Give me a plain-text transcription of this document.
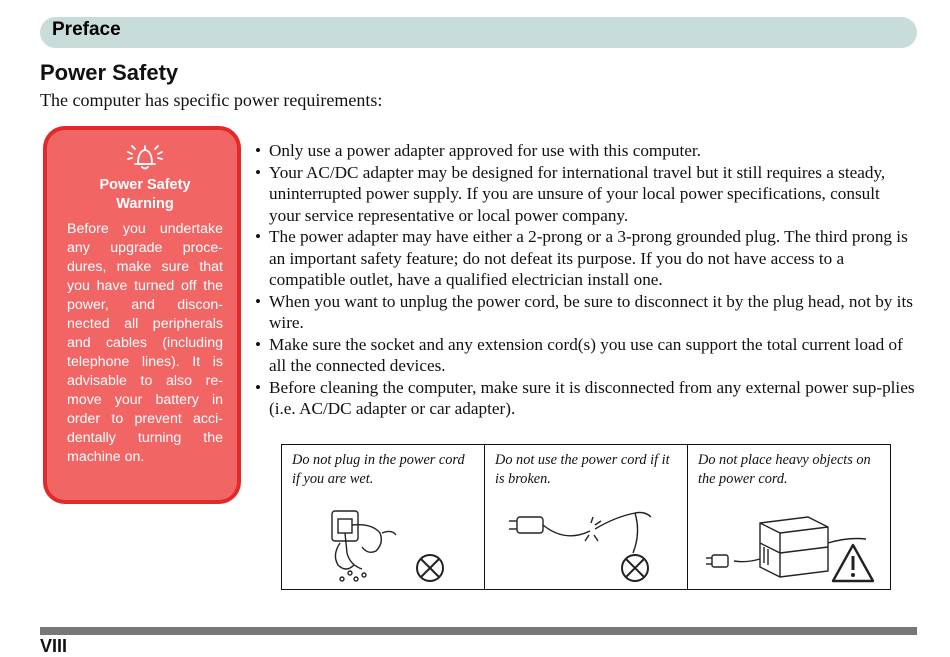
Preface
Power Safety
The computer has specific power requirements:
Power Safety
Warning
Before you undertake any upgrade proce-dures, make sure that you have turned off the power, and discon-nected all peripherals and cables (including telephone lines). It is advisable to also re-move your battery in order to prevent acci-dentally turning the machine on.
• Only use a power adapter approved for use with this computer.
• Your AC/DC adapter may be designed for international travel but it still requires a steady, uninterrupted power supply. If you are unsure of your local power specifications, consult your service representative or local power company.
• The power adapter may have either a 2-prong or a 3-prong grounded plug. The third prong is an important safety feature; do not defeat its purpose. If you do not have access to a compatible outlet, have a qualified electrician install one.
• When you want to unplug the power cord, be sure to disconnect it by the plug head, not by its wire.
• Make sure the socket and any extension cord(s) you use can support the total current load of all the connected devices.
• Before cleaning the computer, make sure it is disconnected from any external power sup-plies (i.e. AC/DC adapter or car adapter).
Do not plug in the power cord if you are wet.
Do not use the power cord if it is broken.
Do not place heavy objects on the power cord.
VIII
